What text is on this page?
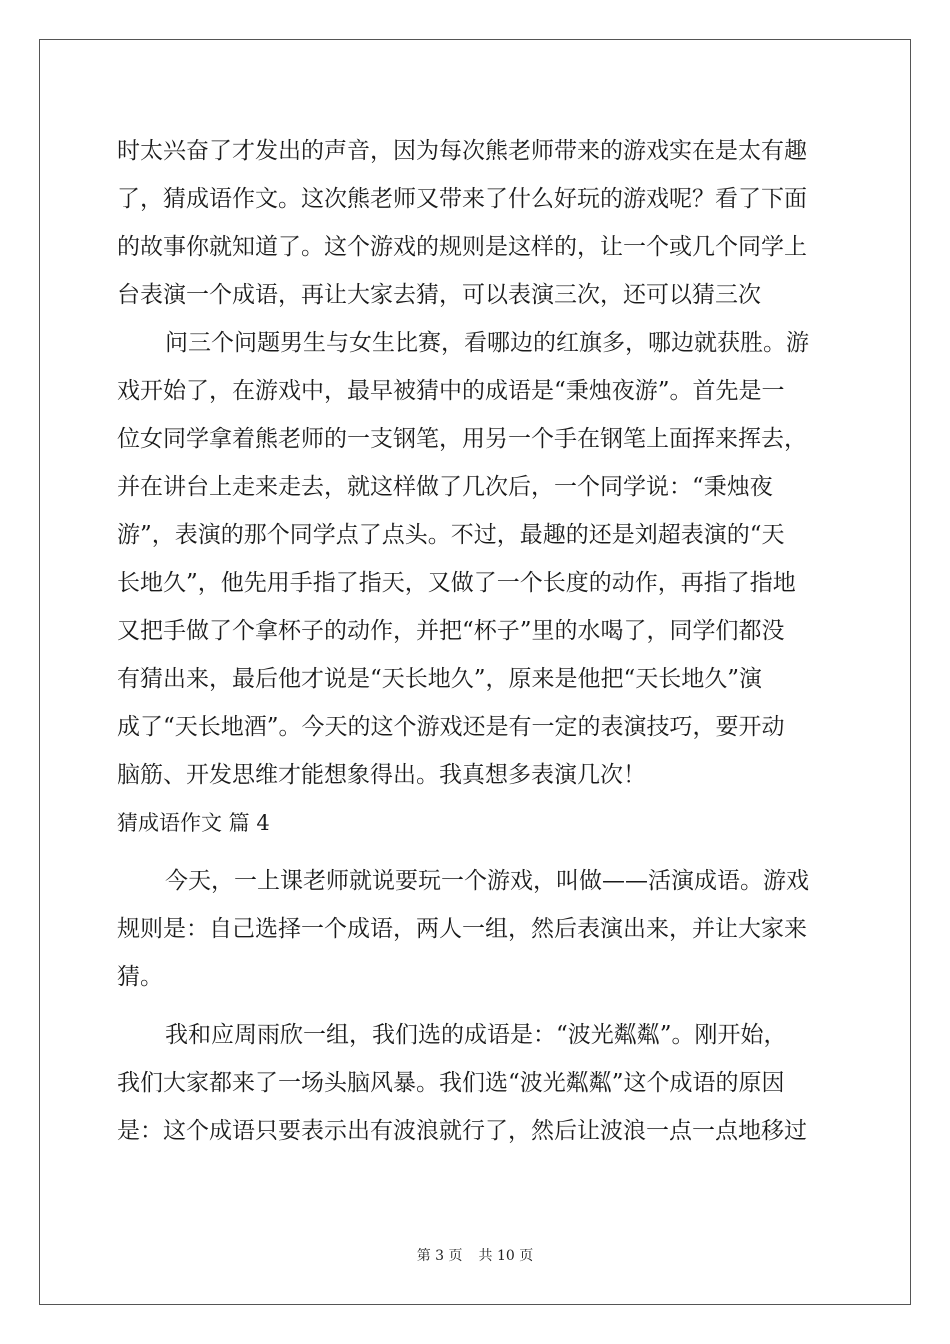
时太兴奋了才发出的声音，因为每次熊老师带来的游戏实在是太有趣
了，猜成语作文。这次熊老师又带来了什么好玩的游戏呢？看了下面
的故事你就知道了。这个游戏的规则是这样的，让一个或几个同学上
台表演一个成语，再让大家去猜，可以表演三次，还可以猜三次
问三个问题男生与女生比赛，看哪边的红旗多，哪边就获胜。游
戏开始了，在游戏中，最早被猜中的成语是“秉烛夜游”。首先是一
位女同学拿着熊老师的一支钢笔，用另一个手在钢笔上面挥来挥去，
并在讲台上走来走去，就这样做了几次后，一个同学说：“秉烛夜
游”，表演的那个同学点了点头。不过，最趣的还是刘超表演的“天
长地久”，他先用手指了指天，又做了一个长度的动作，再指了指地
又把手做了个拿杯子的动作，并把“杯子”里的水喝了，同学们都没
有猜出来，最后他才说是“天长地久”，原来是他把“天长地久”演
成了“天长地酒”。今天的这个游戏还是有一定的表演技巧，要开动
脑筋、开发思维才能想象得出。我真想多表演几次！
猜成语作文 篇 4
今天，一上课老师就说要玩一个游戏，叫做——活演成语。游戏
规则是：自己选择一个成语，两人一组，然后表演出来，并让大家来
猜。
我和应周雨欣一组，我们选的成语是：“波光粼粼”。刚开始，
我们大家都来了一场头脑风暴。我们选“波光粼粼”这个成语的原因
是：这个成语只要表示出有波浪就行了，然后让波浪一点一点地移过
第 3 页 共 10 页
